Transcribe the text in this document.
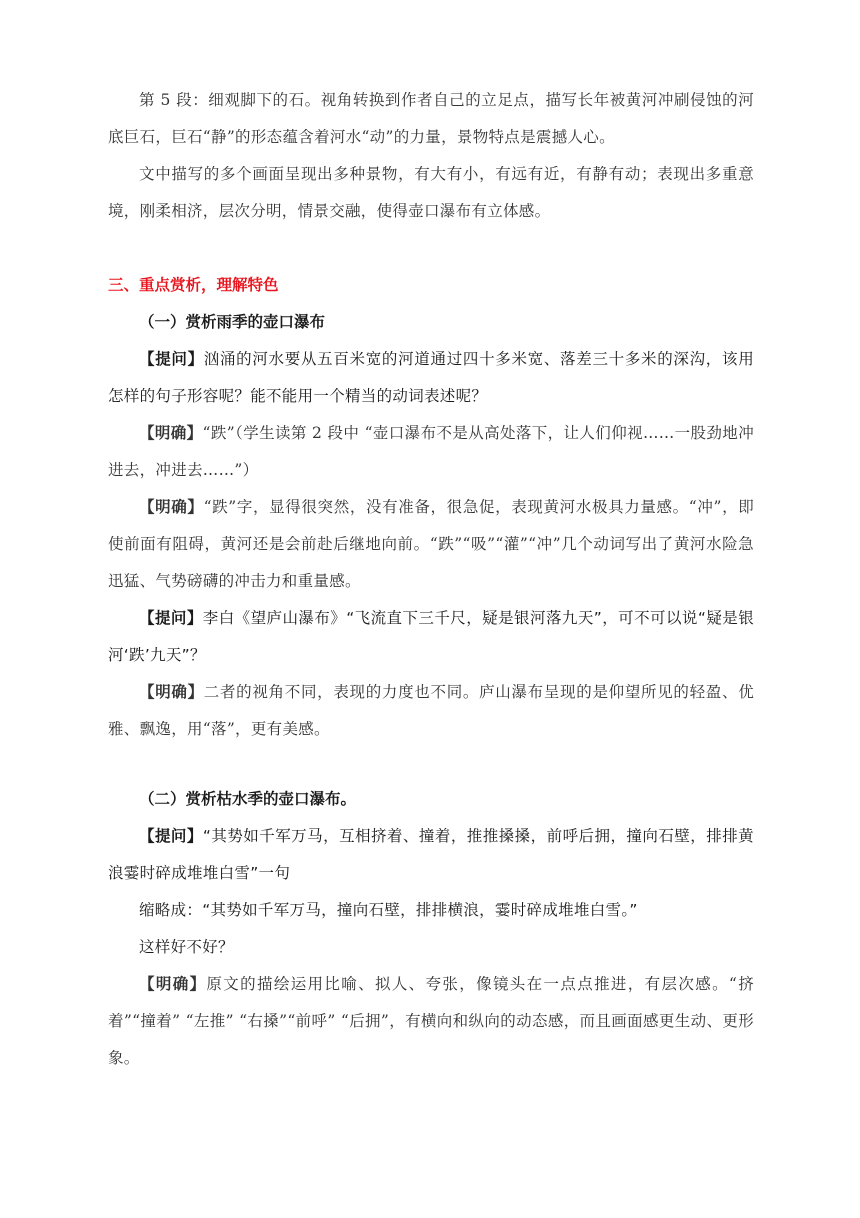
第 5 段：细观脚下的石。视角转换到作者自己的立足点，描写长年被黄河冲刷侵蚀的河底巨石，巨石“静”的形态蕴含着河水“动”的力量，景物特点是震撼人心。

文中描写的多个画面呈现出多种景物，有大有小，有远有近，有静有动；表现出多重意境，刚柔相济，层次分明，情景交融，使得壶口瀑布有立体感。

三、重点赏析，理解特色

（一）赏析雨季的壶口瀑布

【提问】汹涌的河水要从五百米宽的河道通过四十多米宽、落差三十多米的深沟，该用怎样的句子形容呢？能不能用一个精当的动词表述呢？

【明确】“跌”（学生读第 2 段中 “壶口瀑布不是从高处落下，让人们仰视……一股劲地冲进去，冲进去……”）

【明确】“跌”字，显得很突然，没有准备，很急促，表现黄河水极具力量感。“冲”，即使前面有阻碍，黄河还是会前赴后继地向前。“跌”“吸”“灌”“冲”几个动词写出了黄河水险急迅猛、气势磅礴的冲击力和重量感。

【提问】李白《望庐山瀑布》“飞流直下三千尺，疑是银河落九天”，可不可以说“疑是银河‘跌’九天”？

【明确】二者的视角不同，表现的力度也不同。庐山瀑布呈现的是仰望所见的轻盈、优雅、飘逸，用“落”，更有美感。

（二）赏析枯水季的壶口瀑布。

【提问】“其势如千军万马，互相挤着、撞着，推推搡搡，前呼后拥，撞向石壁，排排黄浪霎时碎成堆堆白雪”一句

缩略成：“其势如千军万马，撞向石壁，排排横浪，霎时碎成堆堆白雪。”

这样好不好？

【明确】原文的描绘运用比喻、拟人、夸张，像镜头在一点点推进，有层次感。“挤着”“撞着” “左推” “右搡”“前呼” “后拥”，有横向和纵向的动态感，而且画面感更生动、更形象。
